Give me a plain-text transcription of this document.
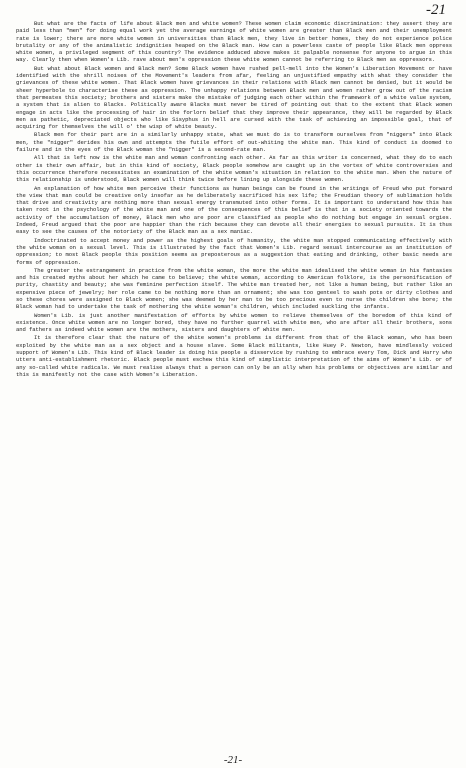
-21

But what are the facts of life about Black men and white women? These women claim economic discrimination: they assert they are paid less than "men" for doing equal work yet the average earnings of white women are greater than Black men and their unemployment rate is lower; there are more white women in universities than Black men, they live in better homes, they do not experience police brutality or any of the animalistic indignities heaped on the Black man. How can a powerless caste of people like Black men oppress white women, a privileged segment of this country? The evidence adduced above makes it palpable nonsense for anyone to argue in this way. Clearly then when Women's Lib. rave about men's oppression these white women cannot be referring to Black men as oppressors.

But what about Black women and Black men? Some Black women have rushed pell-mell into the Women's Liberation Movement or have identified with the shrill noises of the Movement's leaders from afar, feeling an unjustified empathy with what they consider the grievances of these white women. That Black women have grievances in their relations with Black men cannot be denied, but it would be sheer hyperbole to characterise these as oppression. The unhappy relations between Black men and women rather grow out of the racism that permeates this society; brothers and sisters make the mistake of judging each other within the framework of a white value system, a system that is alien to Blacks. Politically aware Blacks must never be tired of pointing out that to the extent that Black women engage in acts like the processing of hair in the forlorn belief that they improve their appearance, they will be regarded by Black men as pathetic, depreciated objects who like Sisyphus in hell are cursed with the task of achieving an impossible goal, that of acquiring for themselves the will o' the wisp of white beauty.

Black men for their part are in a similarly unhappy state, what we must do is to transform ourselves from "niggers" into Black men, the "nigger" derides his own and attempts the futile effort of out-whiting the white man. This kind of conduct is doomed to failure and in the eyes of the Black woman the "nigger" is a second-rate man.

All that is left now is the white man and woman confronting each other. As far as this writer is concerned, what they do to each other is their own affair, but in this kind of society, Black people somehow are caught up in the vortex of white controversies and this occurrence therefore necessitates an examination of the white woman's situation in relation to the white man. When the nature of this relationship is understood, Black women will think twice before lining up alongside these women.

An explanation of how white men perceive their functions as human beings can be found in the writings of Freud who put forward the view that man could be creative only insofar as he deliberately sacrificed his sex life; the Freudian theory of sublimation holds that drive and creativity are nothing more than sexual energy transmuted into other forms. It is important to understand how this has taken root in the psychology of the white man and one of the consequences of this belief is that in a society oriented towards the activity of the accumulation of money, Black men who are poor are classified as people who do nothing but engage in sexual orgies. Indeed, Freud argued that the poor are happier than the rich because they can devote all their energies to sexual pursuits. It is thus easy to see the causes of the notoriety of the Black man as a sex maniac.

Indoctrinated to accept money and power as the highest goals of humanity, the white man stopped communicating effectively with the white woman on a sexual level. This is illustrated by the fact that Women's Lib. regard sexual intercourse as an institution of oppression; to most Black people this position seems as preposterous as a suggestion that eating and drinking, other basic needs are forms of oppression.

The greater the estrangement in practice from the white woman, the more the white man idealised the white woman in his fantasies and his created myths about her which he came to believe; the white woman, according to American folklore, is the personification of purity, chastity and beauty; she was feminine perfection itself. The white man treated her, not like a human being, but rather like an expensive piece of jewelry; her role came to be nothing more than an ornament; she was too genteel to wash pots or dirty clothes and so these chores were assigned to Black women; she was deemed by her man to be too precious even to nurse the children she bore; the Black woman had to undertake the task of mothering the white woman's children, which included suckling the infants.

Women's Lib. is just another manifestation of efforts by white women to relieve themselves of the boredom of this kind of existence. Once white women are no longer bored, they have no further quarrel with white men, who are after all their brothers, sons and fathers as indeed white women are the mothers, sisters and daughters of white men.

It is therefore clear that the nature of the white women's problems is different from that of the Black woman, who has been exploited by the white man as a sex object and a house slave. Some Black militants, like Huey P. Newton, have mindlessly voiced support of Women's Lib. This kind of Black leader is doing his people a disservice by rushing to embrace every Tom, Dick and Harry who utters anti-establishment rhetoric. Black people must eschew this kind of simplistic interpretation of the aims of Women's Lib. or of any so-called white radicals. We must realise always that a person can only be an ally when his problems or objectives are similar and this is manifestly not the case with Women's Liberation.

-21-
